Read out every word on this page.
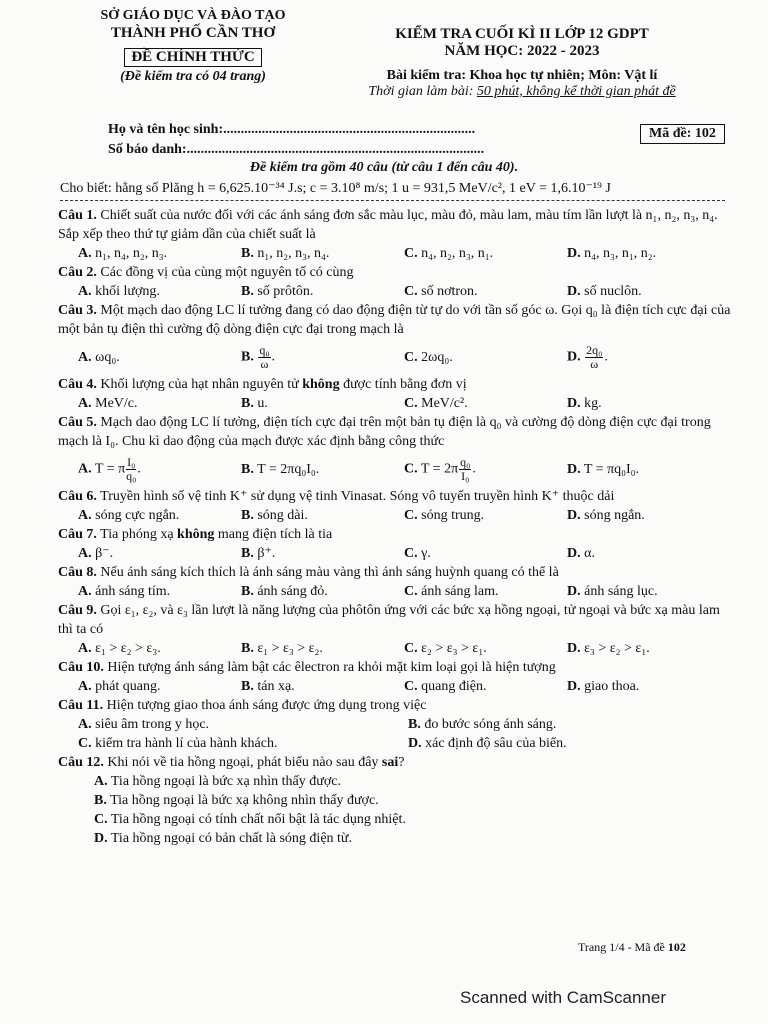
SỞ GIÁO DỤC VÀ ĐÀO TẠO
THÀNH PHỐ CẦN THƠ
ĐỀ CHÍNH THỨC
(Đề kiểm tra có 04 trang)
KIỂM TRA CUỐI KÌ II LỚP 12 GDPT
NĂM HỌC: 2022 - 2023
Bài kiểm tra: Khoa học tự nhiên; Môn: Vật lí
Thời gian làm bài: 50 phút, không kể thời gian phát đề
Họ và tên học sinh:........................................................................
Số báo danh:.....................................................................................
Mã đề: 102
Đề kiểm tra gồm 40 câu (từ câu 1 đến câu 40).
Cho biết: hằng số Plăng h = 6,625.10⁻³⁴ J.s; c = 3.10⁸ m/s; 1 u = 931,5 MeV/c², 1 eV = 1,6.10⁻¹⁹ J
Câu 1. Chiết suất của nước đối với các ánh sáng đơn sắc màu lục, màu đỏ, màu lam, màu tím lần lượt là n₁, n₂, n₃, n₄. Sắp xếp theo thứ tự giảm dần của chiết suất là
A. n₁, n₄, n₂, n₃.	B. n₁, n₂, n₃, n₄.	C. n₄, n₂, n₃, n₁.	D. n₄, n₃, n₁, n₂.
Câu 2. Các đồng vị của cùng một nguyên tố có cùng
A. khối lượng.	B. số prôtôn.	C. số nơtron.	D. số nuclôn.
Câu 3. Một mạch dao động LC lí tưởng đang có dao động điện từ tự do với tần số góc ω. Gọi q₀ là điện tích cực đại của một bản tụ điện thì cường độ dòng điện cực đại trong mạch là
A. ωq₀.	B. $\frac{\text{q₀}}{\omega}$ .	C. 2ωq₀.	D. $\frac{\text{2q₀}}{\omega}$ .
Câu 4. Khối lượng của hạt nhân nguyên tử không được tính bằng đơn vị
A. MeV/c.	B. u.	C. MeV/c².	D. kg.
Câu 5. Mạch dao động LC lí tưởng, điện tích cực đại trên một bản tụ điện là q₀ và cường độ dòng điện cực đại trong mạch là I₀. Chu kì dao động của mạch được xác định bằng công thức
A. T = π $\frac{\text{I₀}}{\text{q₀}}$ .	B. T = 2πq₀I₀.	C. $T = 2\pi \frac{\text{q₀}}{\text{I₀}}$ .	D. T = πq₀I₀.
Câu 6. Truyền hình số vệ tinh K⁺ sử dụng vệ tinh Vinasat. Sóng vô tuyến truyền hình K⁺ thuộc dải
A. sóng cực ngắn.	B. sóng dài.	C. sóng trung.	D. sóng ngắn.
Câu 7. Tia phóng xạ không mang điện tích là tia
A. β⁻.	B. β⁺.	C. γ.	D. α.
Câu 8. Nếu ánh sáng kích thích là ánh sáng màu vàng thì ánh sáng huỳnh quang có thể là
A. ánh sáng tím.	B. ánh sáng đỏ.	C. ánh sáng lam.	D. ánh sáng lục.
Câu 9. Gọi ε₁, ε₂, và ε₃ lần lượt là năng lượng của phôtôn ứng với các bức xạ hồng ngoại, tử ngoại và bức xạ màu lam thì ta có
A. ε₁ > ε₂ > ε₃.	B. ε₁ > ε₃ > ε₂.	C. ε₂ > ε₃ > ε₁.	D. ε₃ > ε₂ > ε₁.
Câu 10. Hiện tượng ánh sáng làm bật các êlectron ra khỏi mặt kim loại gọi là hiện tượng
A. phát quang.	B. tán xạ.	C. quang điện.	D. giao thoa.
Câu 11. Hiện tượng giao thoa ánh sáng được ứng dụng trong việc
A. siêu âm trong y học.	B. đo bước sóng ánh sáng.
C. kiểm tra hành lí của hành khách.	D. xác định độ sâu của biển.
Câu 12. Khi nói về tia hồng ngoại, phát biểu nào sau đây sai?
A. Tia hồng ngoại là bức xạ nhìn thấy được.
B. Tia hồng ngoại là bức xạ không nhìn thấy được.
C. Tia hồng ngoại có tính chất nổi bật là tác dụng nhiệt.
D. Tia hồng ngoại có bản chất là sóng điện từ.
Trang 1/4 - Mã đề 102
Scanned with CamScanner
